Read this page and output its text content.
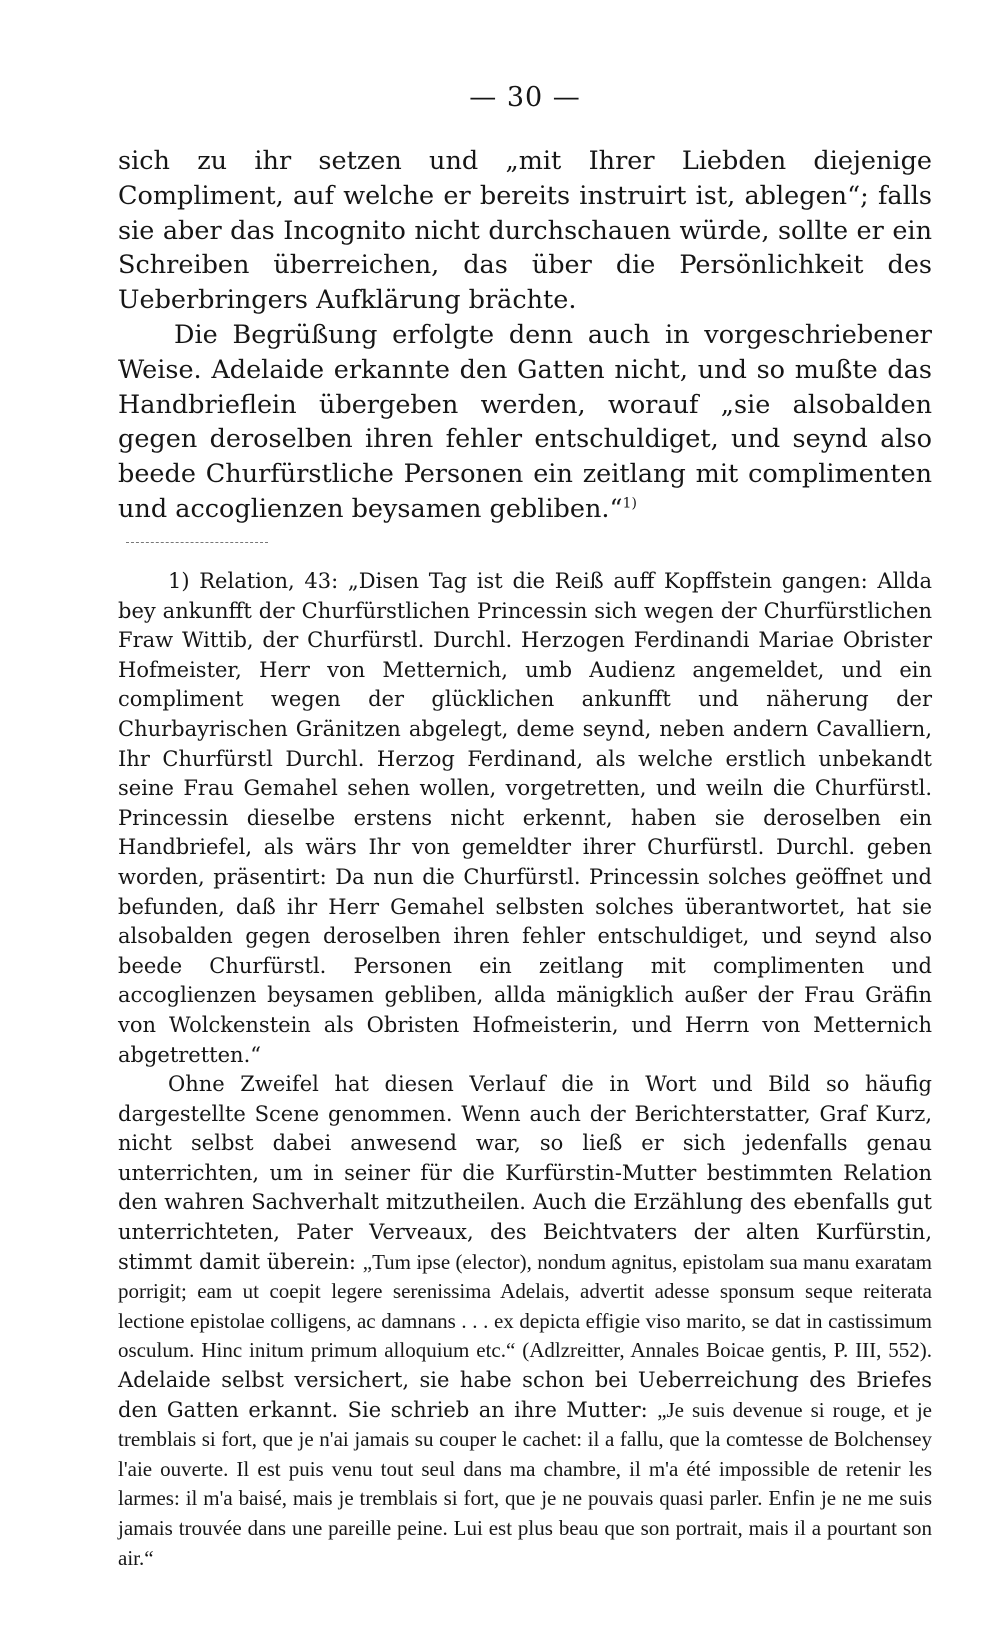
— 30 —

sich zu ihr setzen und „mit Ihrer Liebden diejenige Compliment, auf welche er bereits instruirt ist, ablegen“; falls sie aber das Incognito nicht durchschauen würde, sollte er ein Schreiben überreichen, das über die Persönlichkeit des Ueberbringers Aufklärung brächte.

Die Begrüßung erfolgte denn auch in vorgeschriebener Weise. Adelaide erkannte den Gatten nicht, und so mußte das Handbrieflein übergeben werden, worauf „sie alsobalden gegen deroselben ihren fehler entschuldiget, und seynd also beede Churfürstliche Personen ein zeitlang mit complimenten und accoglienzen beysamen gebliben.“$^{1)}$

1) Relation, 43: „Disen Tag ist die Reiß auff Kopffstein gangen: Allda bey ankunfft der Churfürstlichen Princessin sich wegen der Churfürstlichen Fraw Wittib, der Churfürstl. Durchl. Herzogen Ferdinandi Mariae Obrister Hofmeister, Herr von Metternich, umb Audienz angemeldet, und ein compliment wegen der glücklichen ankunfft und näherung der Churbayrischen Gränitzen abgelegt, deme seynd, neben andern Cavalliern, Ihr Churfürstl Durchl. Herzog Ferdinand, als welche erstlich unbekandt seine Frau Gemahel sehen wollen, vorgetretten, und weiln die Churfürstl. Princessin dieselbe erstens nicht erkennt, haben sie deroselben ein Handbriefel, als wärs Ihr von gemeldter ihrer Churfürstl. Durchl. geben worden, präsentirt: Da nun die Churfürstl. Princessin solches geöffnet und befunden, daß ihr Herr Gemahel selbsten solches überantwortet, hat sie alsobalden gegen deroselben ihren fehler entschuldiget, und seynd also beede Churfürstl. Personen ein zeitlang mit complimenten und accoglienzen beysamen gebliben, allda mänigklich außer der Frau Gräfin von Wolckenstein als Obristen Hofmeisterin, und Herrn von Metternich abgetretten.“

Ohne Zweifel hat diesen Verlauf die in Wort und Bild so häufig dargestellte Scene genommen. Wenn auch der Berichterstatter, Graf Kurz, nicht selbst dabei anwesend war, so ließ er sich jedenfalls genau unterrichten, um in seiner für die Kurfürstin-Mutter bestimmten Relation den wahren Sachverhalt mitzutheilen. Auch die Erzählung des ebenfalls gut unterrichteten, Pater Verveaux, des Beichtvaters der alten Kurfürstin, stimmt damit überein: „Tum ipse (elector), nondum agnitus, epistolam sua manu exaratam porrigit; eam ut coepit legere serenissima Adelais, advertit adesse sponsum seque reiterata lectione epistolae colligens, ac damnans . . . ex depicta effigie viso marito, se dat in castissimum osculum. Hinc initum primum alloquium etc.“ (Adlzreitter, Annales Boicae gentis, P. III, 552). Adelaide selbst versichert, sie habe schon bei Ueberreichung des Briefes den Gatten erkannt. Sie schrieb an ihre Mutter: „Je suis devenue si rouge, et je tremblais si fort, que je n'ai jamais su couper le cachet: il a fallu, que la comtesse de Bolchensey l'aie ouverte. Il est puis venu tout seul dans ma chambre, il m'a été impossible de retenir les larmes: il m'a baisé, mais je tremblais si fort, que je ne pouvais quasi parler. Enfin je ne me suis jamais trouvée dans une pareille peine. Lui est plus beau que son portrait, mais il a pourtant son air.“
